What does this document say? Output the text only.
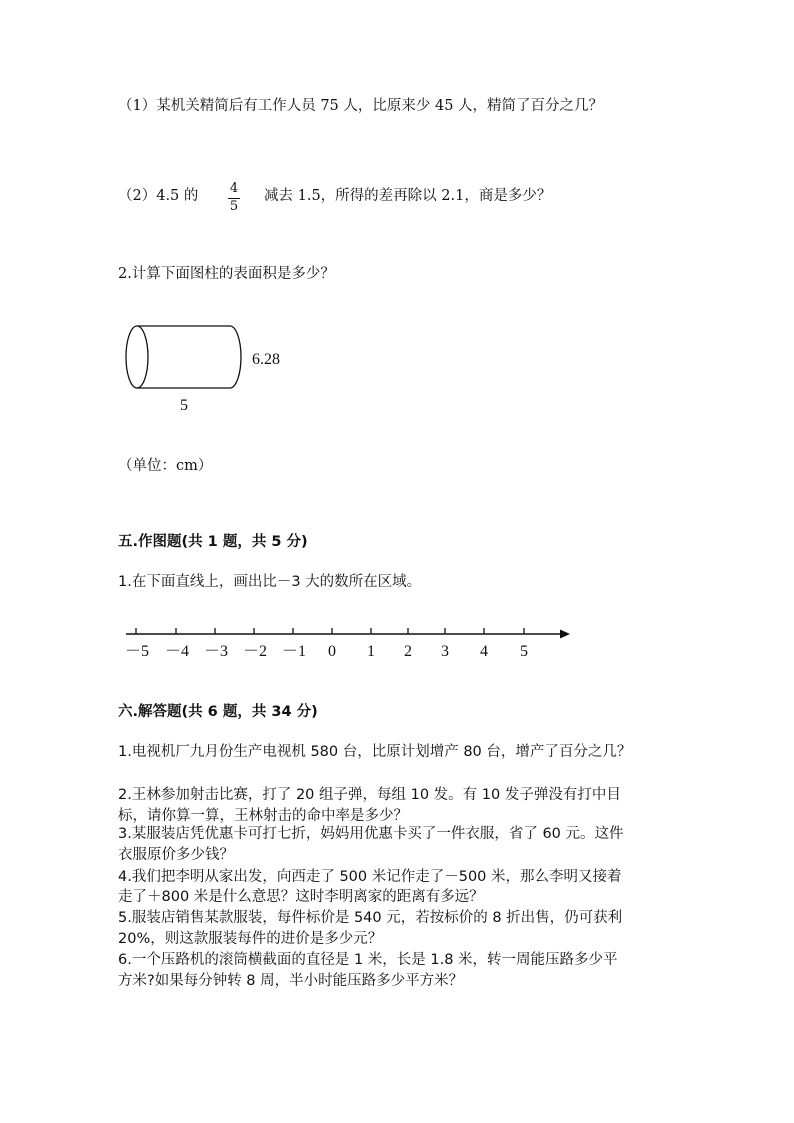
（1）某机关精简后有工作人员 75 人，比原来少 45 人，精简了百分之几？
（2）4.5 的 4
5
减去 1.5，所得的差再除以 2.1，商是多少？
2.计算下面图柱的表面积是多少？
6.28
5
（单位：cm）
五.作图题(共 1 题，共 5 分)
1.在下面直线上，画出比－3 大的数所在区域。
－5 －4 －3 －2 －1 0 1 2 3 4 5
六.解答题(共 6 题，共 34 分)
1.电视机厂九月份生产电视机 580 台，比原计划增产 80 台，增产了百分之几？
2.王林参加射击比赛，打了 20 组子弹，每组 10 发。有 10 发子弹没有打中目
标，请你算一算，王林射击的命中率是多少？
3.某服装店凭优惠卡可打七折，妈妈用优惠卡买了一件衣服，省了 60 元。这件
衣服原价多少钱？
4.我们把李明从家出发，向西走了 500 米记作走了－500 米，那么李明又接着
走了＋800 米是什么意思？这时李明离家的距离有多远？
5.服装店销售某款服装，每件标价是 540 元，若按标价的 8 折出售，仍可获利
20%，则这款服装每件的进价是多少元？
6.一个压路机的滚筒横截面的直径是 1 米，长是 1.8 米，转一周能压路多少平
方米?如果每分钟转 8 周，半小时能压路多少平方米？
